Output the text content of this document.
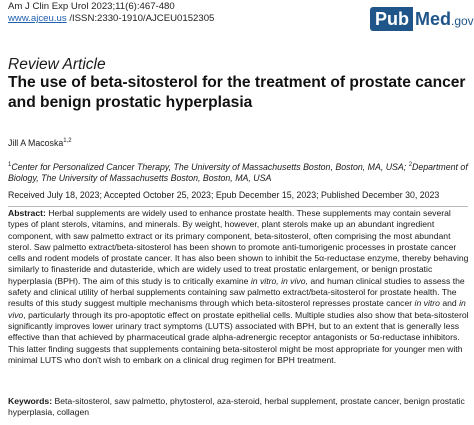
Am J Clin Exp Urol 2023;11(6):467-480
www.ajceu.us /ISSN:2330-1910/AJCEU0152305	Pub Med .gov
Review Article
The use of beta-sitosterol for the treatment of prostate cancer and benign prostatic hyperplasia
Jill A Macoska$^{1,2}$
$^1$Center for Personalized Cancer Therapy, The University of Massachusetts Boston, Boston, MA, USA; $^2$Department of Biology, The University of Massachusetts Boston, Boston, MA, USA
Received July 18, 2023; Accepted October 25, 2023; Epub December 15, 2023; Published December 30, 2023
Abstract: Herbal supplements are widely used to enhance prostate health. These supplements may contain several types of plant sterols, vitamins, and minerals. By weight, however, plant sterols make up an abundant ingredient component, with saw palmetto extract or its primary component, beta-sitosterol, often comprising the most abundant sterol. Saw palmetto extract/beta-sitosterol has been shown to promote anti-tumorigenic processes in prostate cancer cells and rodent models of prostate cancer. It has also been shown to inhibit the 5α-reductase enzyme, thereby behaving similarly to finasteride and dutasteride, which are widely used to treat prostatic enlargement, or benign prostatic hyperplasia (BPH). The aim of this study is to critically examine in vitro, in vivo, and human clinical studies to assess the safety and clinical utility of herbal supplements containing saw palmetto extract/beta-sitosterol for prostate health. The results of this study suggest multiple mechanisms through which beta-sitosterol represses prostate cancer in vitro and in vivo, particularly through its pro-apoptotic effect on prostate epithelial cells. Multiple studies also show that beta-sitosterol significantly improves lower urinary tract symptoms (LUTS) associated with BPH, but to an extent that is generally less effective than that achieved by pharmaceutical grade alpha-adrenergic receptor antagonists or 5α-reductase inhibitors. This latter finding suggests that supplements containing beta-sitosterol might be most appropriate for younger men with minimal LUTS who don't wish to embark on a clinical drug regimen for BPH treatment.
Keywords: Beta-sitosterol, saw palmetto, phytosterol, aza-steroid, herbal supplement, prostate cancer, benign prostatic hyperplasia, collagen
